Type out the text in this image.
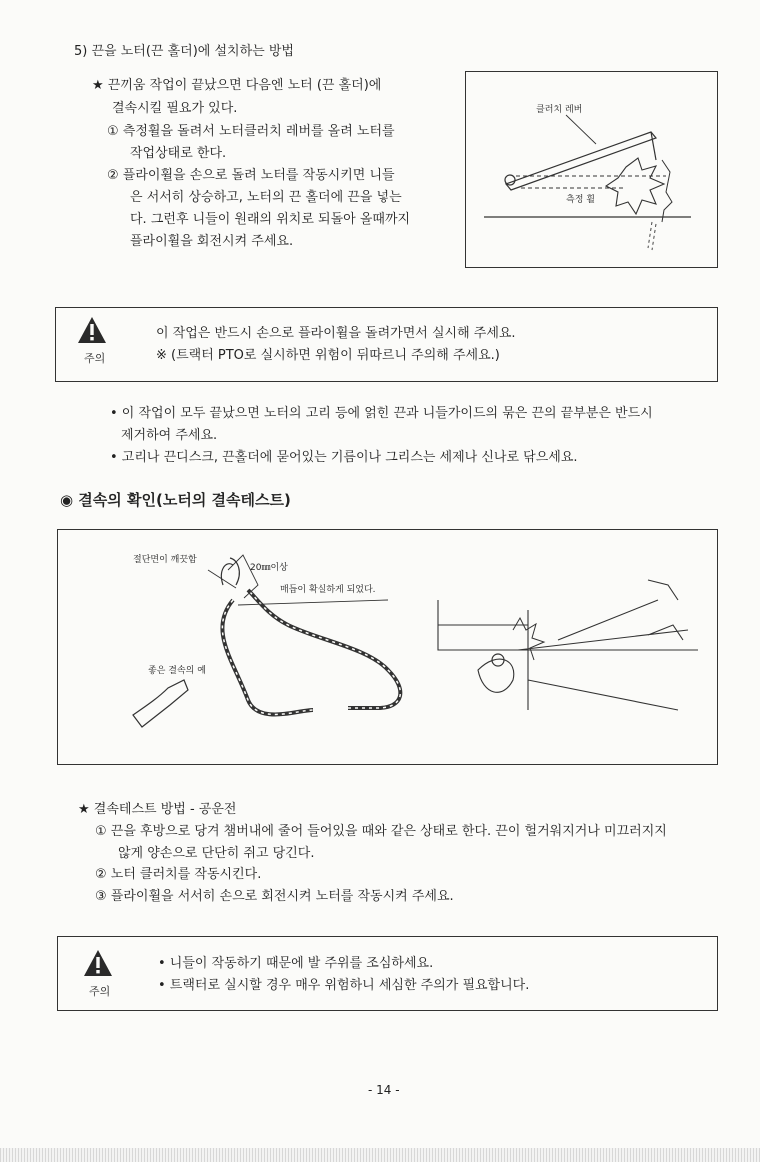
5) 끈을 노터(끈 홀더)에 설치하는 방법
★ 끈끼움 작업이 끝났으면 다음엔 노터 (끈 홀더)에
결속시킬 필요가 있다.
① 측정휠을 돌려서 노터클러치 레버를 올려 노터를
작업상태로 한다.
② 플라이휠을 손으로 돌려 노터를 작동시키면 니들
은 서서히 상승하고, 노터의 끈 홀더에 끈을 넣는
다. 그런후 니들이 원래의 위치로 되돌아 올때까지
플라이휠을 회전시켜 주세요.
클러치 레버
측정 휠
주의
이 작업은 반드시 손으로 플라이휠을 돌려가면서 실시해 주세요.
※ (트랙터 PTO로 실시하면 위험이 뒤따르니 주의해 주세요.)
• 이 작업이 모두 끝났으면 노터의 고리 등에 얽힌 끈과 니들가이드의 묶은 끈의 끝부분은 반드시
제거하여 주세요.
• 고리나 끈디스크, 끈홀더에 묻어있는 기름이나 그리스는 세제나 신나로 닦으세요.
◉ 결속의 확인(노터의 결속테스트)
절단면이 깨끗함
20㎜이상
매듭이 확실하게 되었다.
좋은 결속의 예
★ 결속테스트 방법 - 공운전
① 끈을 후방으로 당겨 챔버내에 줄어 들어있을 때와 같은 상태로 한다. 끈이 헐거워지거나 미끄러지지
않게 양손으로 단단히 쥐고 당긴다.
② 노터 클러치를 작동시킨다.
③ 플라이휠을 서서히 손으로 회전시켜 노터를 작동시켜 주세요.
주의
• 니들이 작동하기 때문에 발 주위를 조심하세요.
• 트랙터로 실시할 경우 매우 위험하니 세심한 주의가 필요합니다.
- 14 -
